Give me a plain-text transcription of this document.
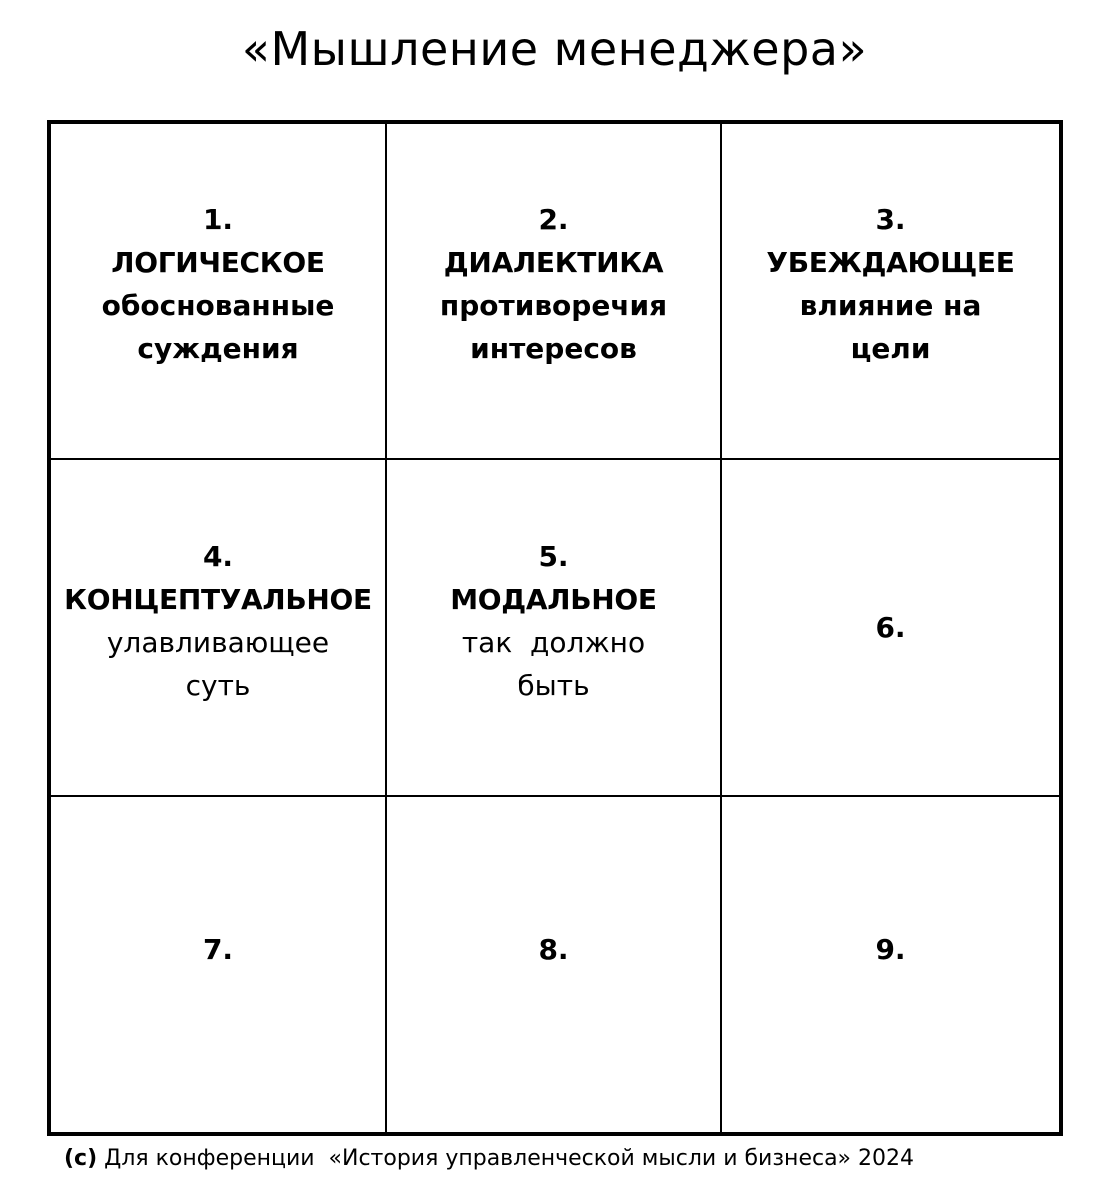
«Мышление менеджера»
1.
ЛОГИЧЕСКОЕ
обоснованные
суждения
2.
ДИАЛЕКТИКА
противоречия
интересов
3.
УБЕЖДАЮЩЕЕ
влияние на
цели
4.
КОНЦЕПТУАЛЬНОЕ
улавливающее
суть
5.
МОДАЛЬНОЕ
так  должно
быть
6.
7.	8.	9.
(c) Для конференции  «История управленческой мысли и бизнеса» 2024
